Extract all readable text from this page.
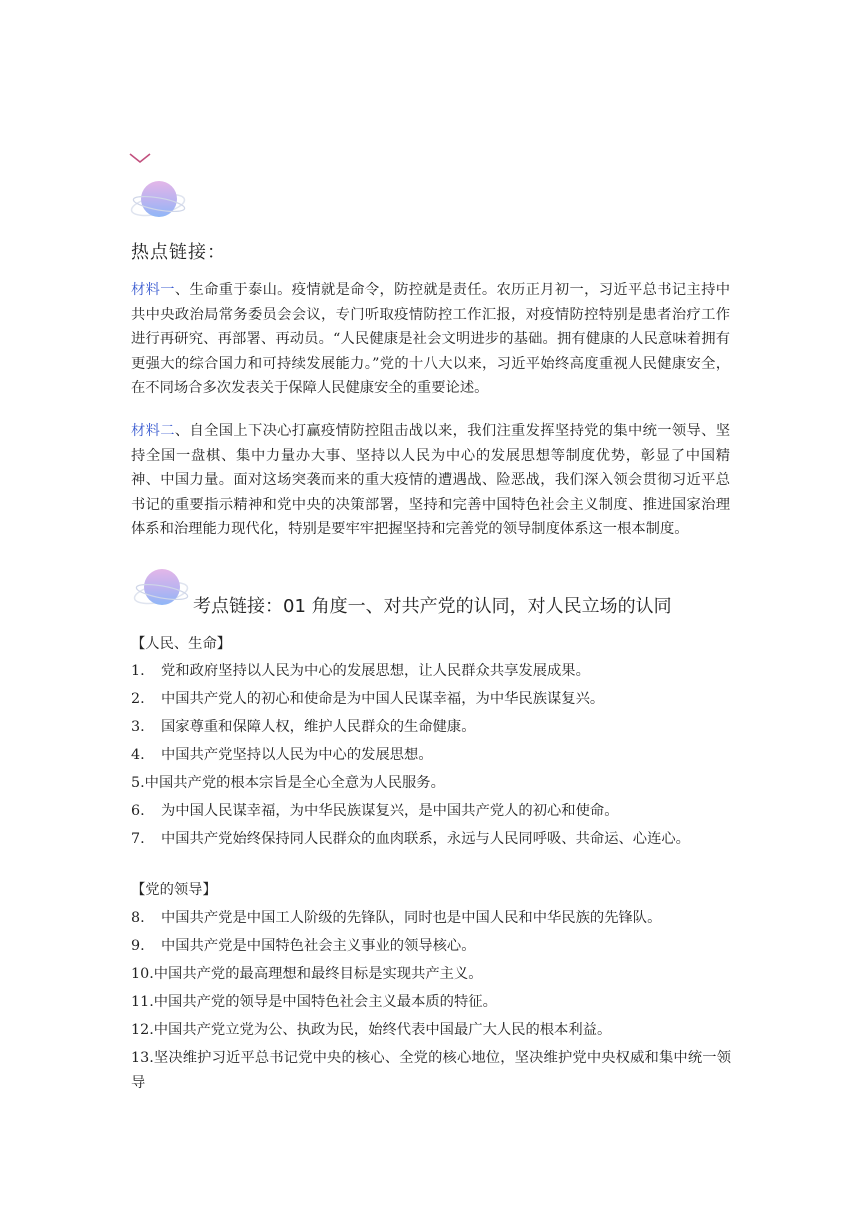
热点链接：
材料一、生命重于泰山。疫情就是命令，防控就是责任。农历正月初一，习近平总书记主持中共中央政治局常务委员会会议，专门听取疫情防控工作汇报，对疫情防控特别是患者治疗工作进行再研究、再部署、再动员。“人民健康是社会文明进步的基础。拥有健康的人民意味着拥有更强大的综合国力和可持续发展能力。”党的十八大以来，习近平始终高度重视人民健康安全，在不同场合多次发表关于保障人民健康安全的重要论述。
材料二、自全国上下决心打赢疫情防控阻击战以来，我们注重发挥坚持党的集中统一领导、坚持全国一盘棋、集中力量办大事、坚持以人民为中心的发展思想等制度优势，彰显了中国精神、中国力量。面对这场突袭而来的重大疫情的遭遇战、险恶战，我们深入领会贯彻习近平总书记的重要指示精神和党中央的决策部署，坚持和完善中国特色社会主义制度、推进国家治理体系和治理能力现代化，特别是要牢牢把握坚持和完善党的领导制度体系这一根本制度。
考点链接：01 角度一、对共产党的认同，对人民立场的认同
【人民、生命】
1. 党和政府坚持以人民为中心的发展思想，让人民群众共享发展成果。
2. 中国共产党人的初心和使命是为中国人民谋幸福，为中华民族谋复兴。
3. 国家尊重和保障人权，维护人民群众的生命健康。
4. 中国共产党坚持以人民为中心的发展思想。
5.中国共产党的根本宗旨是全心全意为人民服务。
6. 为中国人民谋幸福，为中华民族谋复兴，是中国共产党人的初心和使命。
7. 中国共产党始终保持同人民群众的血肉联系，永远与人民同呼吸、共命运、心连心。
【党的领导】
8. 中国共产党是中国工人阶级的先锋队，同时也是中国人民和中华民族的先锋队。
9. 中国共产党是中国特色社会主义事业的领导核心。
10.中国共产党的最高理想和最终目标是实现共产主义。
11.中国共产党的领导是中国特色社会主义最本质的特征。
12.中国共产党立党为公、执政为民，始终代表中国最广大人民的根本利益。
13.坚决维护习近平总书记党中央的核心、全党的核心地位，坚决维护党中央权威和集中统一领导
